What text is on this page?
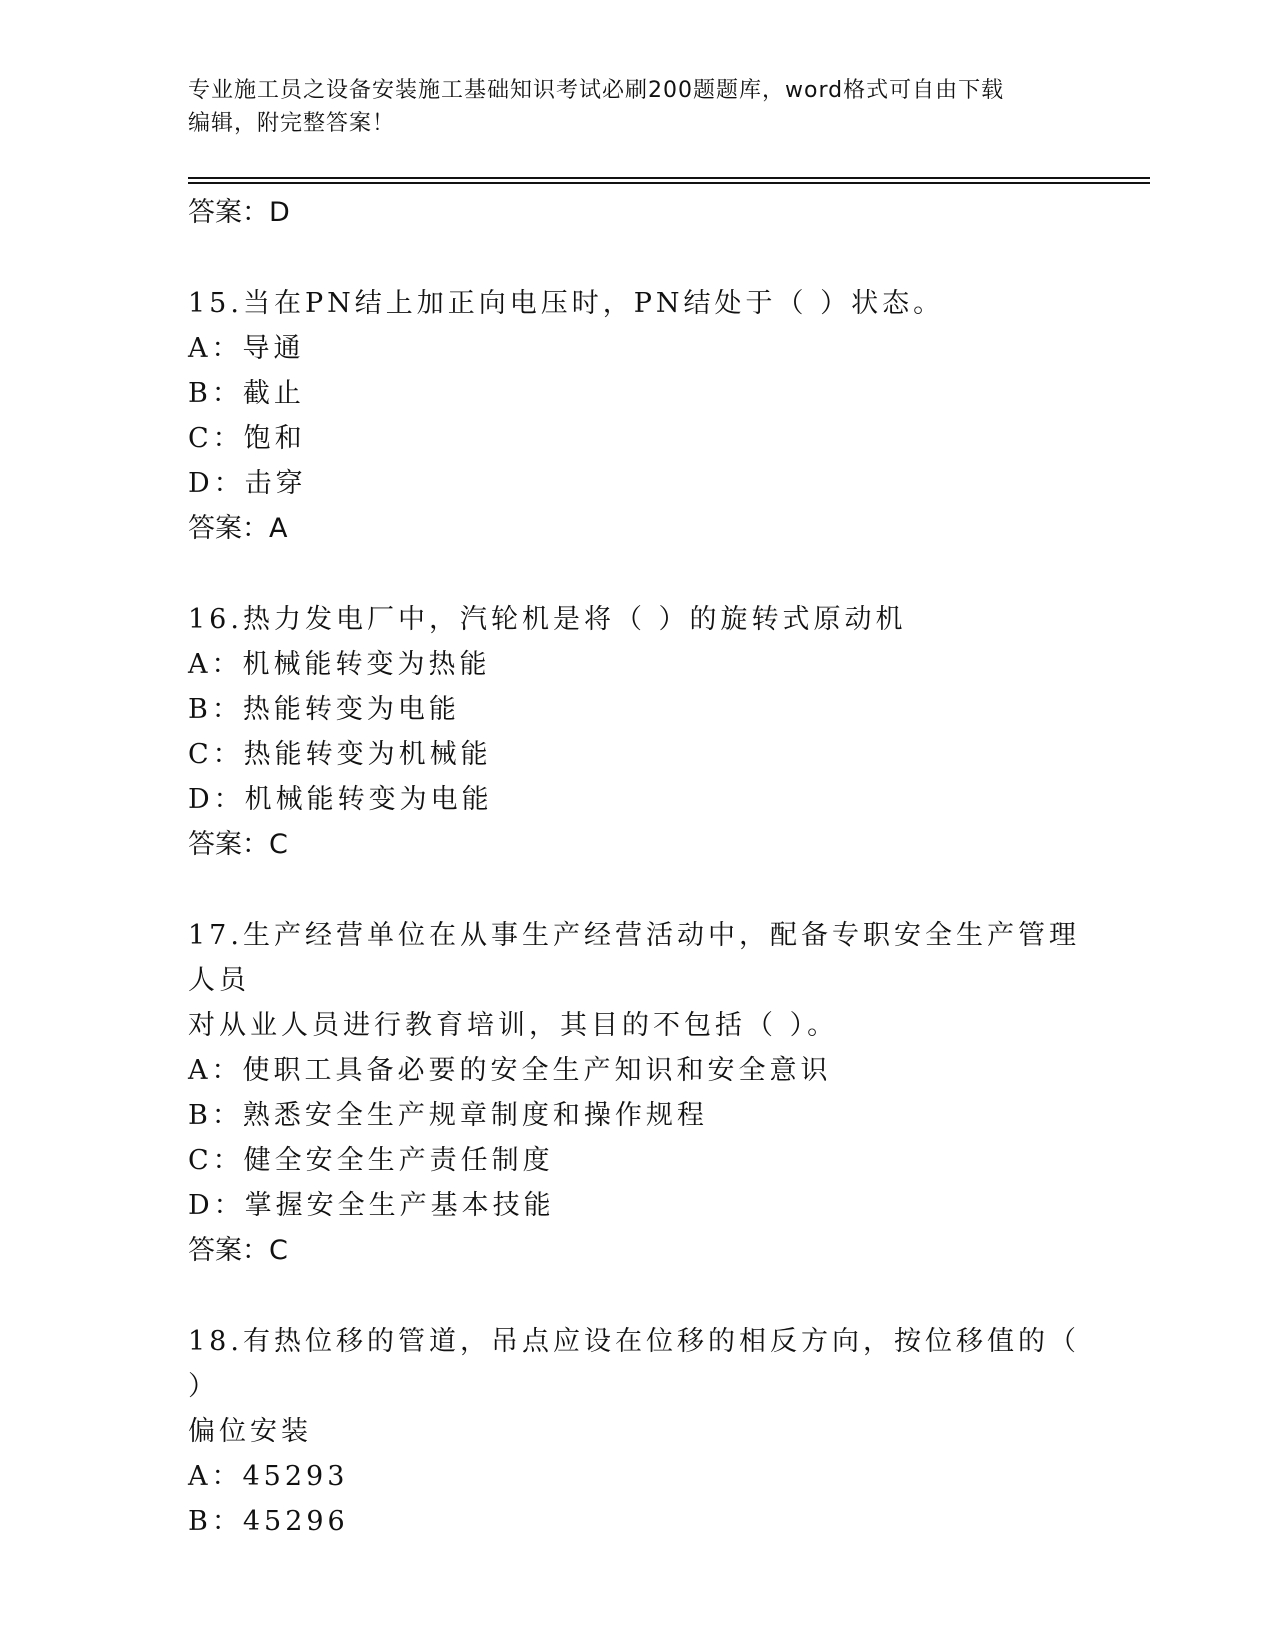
专业施工员之设备安装施工基础知识考试必刷200题题库，word格式可自由下载
编辑，附完整答案！
答案：D
15.当在PN结上加正向电压时，PN结处于（ ）状态。
A：导通
B：截止
C：饱和
D：击穿
答案：A
16.热力发电厂中，汽轮机是将（ ）的旋转式原动机
A：机械能转变为热能
B：热能转变为电能
C：热能转变为机械能
D：机械能转变为电能
答案：C
17.生产经营单位在从事生产经营活动中，配备专职安全生产管理人员
对从业人员进行教育培训，其目的不包括（ ）。
A：使职工具备必要的安全生产知识和安全意识
B：熟悉安全生产规章制度和操作规程
C：健全安全生产责任制度
D：掌握安全生产基本技能
答案：C
18.有热位移的管道，吊点应设在位移的相反方向，按位移值的（ ）
偏位安装
A：45293
B：45296
